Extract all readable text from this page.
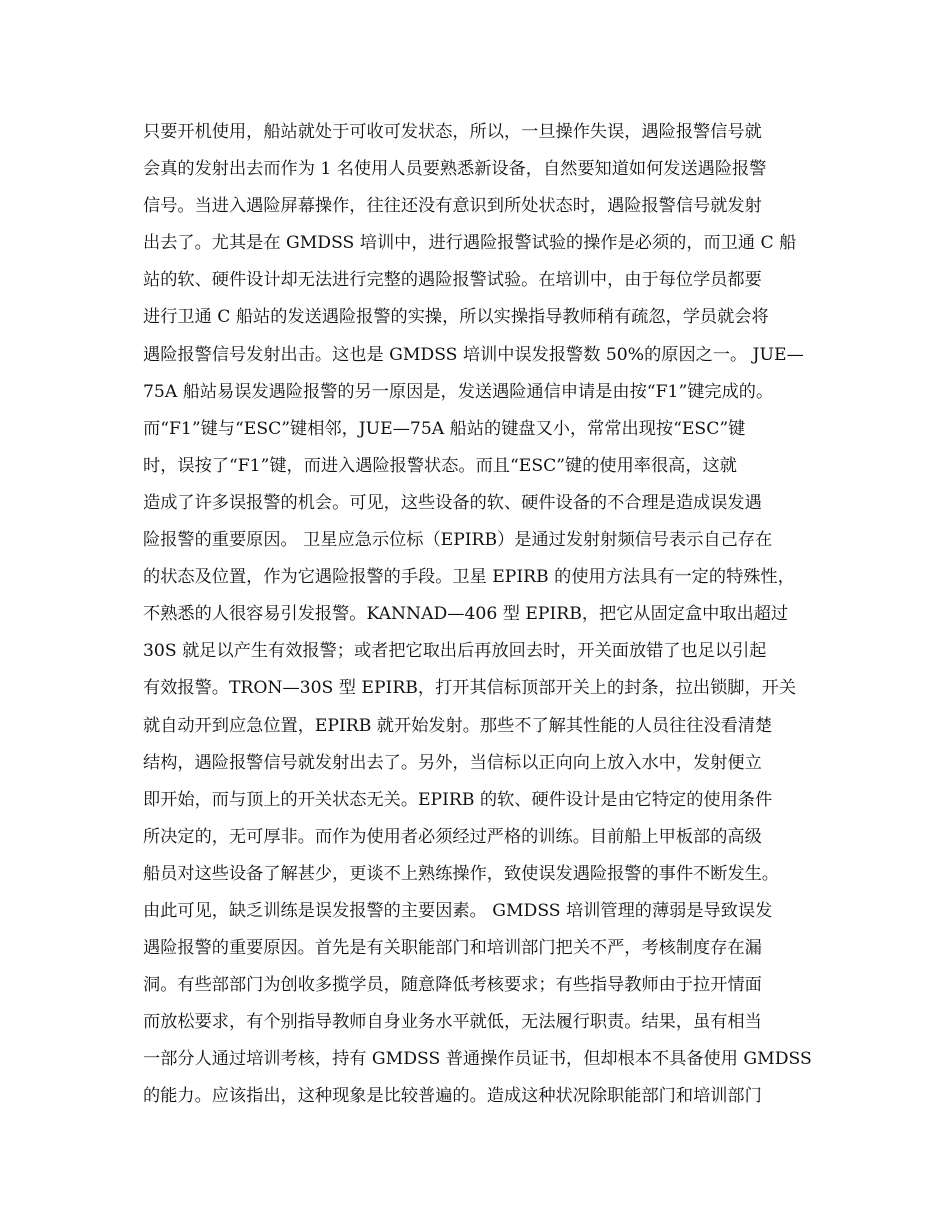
只要开机使用，船站就处于可收可发状态，所以，一旦操作失误，遇险报警信号就
会真的发射出去而作为 1 名使用人员要熟悉新设备，自然要知道如何发送遇险报警
信号。当进入遇险屏幕操作，往往还没有意识到所处状态时，遇险报警信号就发射
出去了。尤其是在 GMDSS 培训中，进行遇险报警试验的操作是必须的，而卫通 C 船
站的软、硬件设计却无法进行完整的遇险报警试验。在培训中，由于每位学员都要
进行卫通 C 船站的发送遇险报警的实操，所以实操指导教师稍有疏忽，学员就会将
遇险报警信号发射出击。这也是 GMDSS 培训中误发报警数 50%的原因之一。 JUE—
75A 船站易误发遇险报警的另一原因是，发送遇险通信申请是由按“F1”键完成的。
而“F1”键与“ESC”键相邻，JUE—75A 船站的键盘又小，常常出现按“ESC”键
时，误按了“F1”键，而进入遇险报警状态。而且“ESC”键的使用率很高，这就
造成了许多误报警的机会。可见，这些设备的软、硬件设备的不合理是造成误发遇
险报警的重要原因。 卫星应急示位标（EPIRB）是通过发射射频信号表示自己存在
的状态及位置，作为它遇险报警的手段。卫星 EPIRB 的使用方法具有一定的特殊性，
不熟悉的人很容易引发报警。KANNAD—406 型 EPIRB，把它从固定盒中取出超过
30S 就足以产生有效报警；或者把它取出后再放回去时，开关面放错了也足以引起
有效报警。TRON—30S 型 EPIRB，打开其信标顶部开关上的封条，拉出锁脚，开关
就自动开到应急位置，EPIRB 就开始发射。那些不了解其性能的人员往往没看清楚
结构，遇险报警信号就发射出去了。另外，当信标以正向向上放入水中，发射便立
即开始，而与顶上的开关状态无关。EPIRB 的软、硬件设计是由它特定的使用条件
所决定的，无可厚非。而作为使用者必须经过严格的训练。目前船上甲板部的高级
船员对这些设备了解甚少，更谈不上熟练操作，致使误发遇险报警的事件不断发生。
由此可见，缺乏训练是误发报警的主要因素。 GMDSS 培训管理的薄弱是导致误发
遇险报警的重要原因。首先是有关职能部门和培训部门把关不严，考核制度存在漏
洞。有些部部门为创收多揽学员，随意降低考核要求；有些指导教师由于拉开情面
而放松要求，有个别指导教师自身业务水平就低，无法履行职责。结果，虽有相当
一部分人通过培训考核，持有 GMDSS 普通操作员证书，但却根本不具备使用 GMDSS
的能力。应该指出，这种现象是比较普遍的。造成这种状况除职能部门和培训部门
